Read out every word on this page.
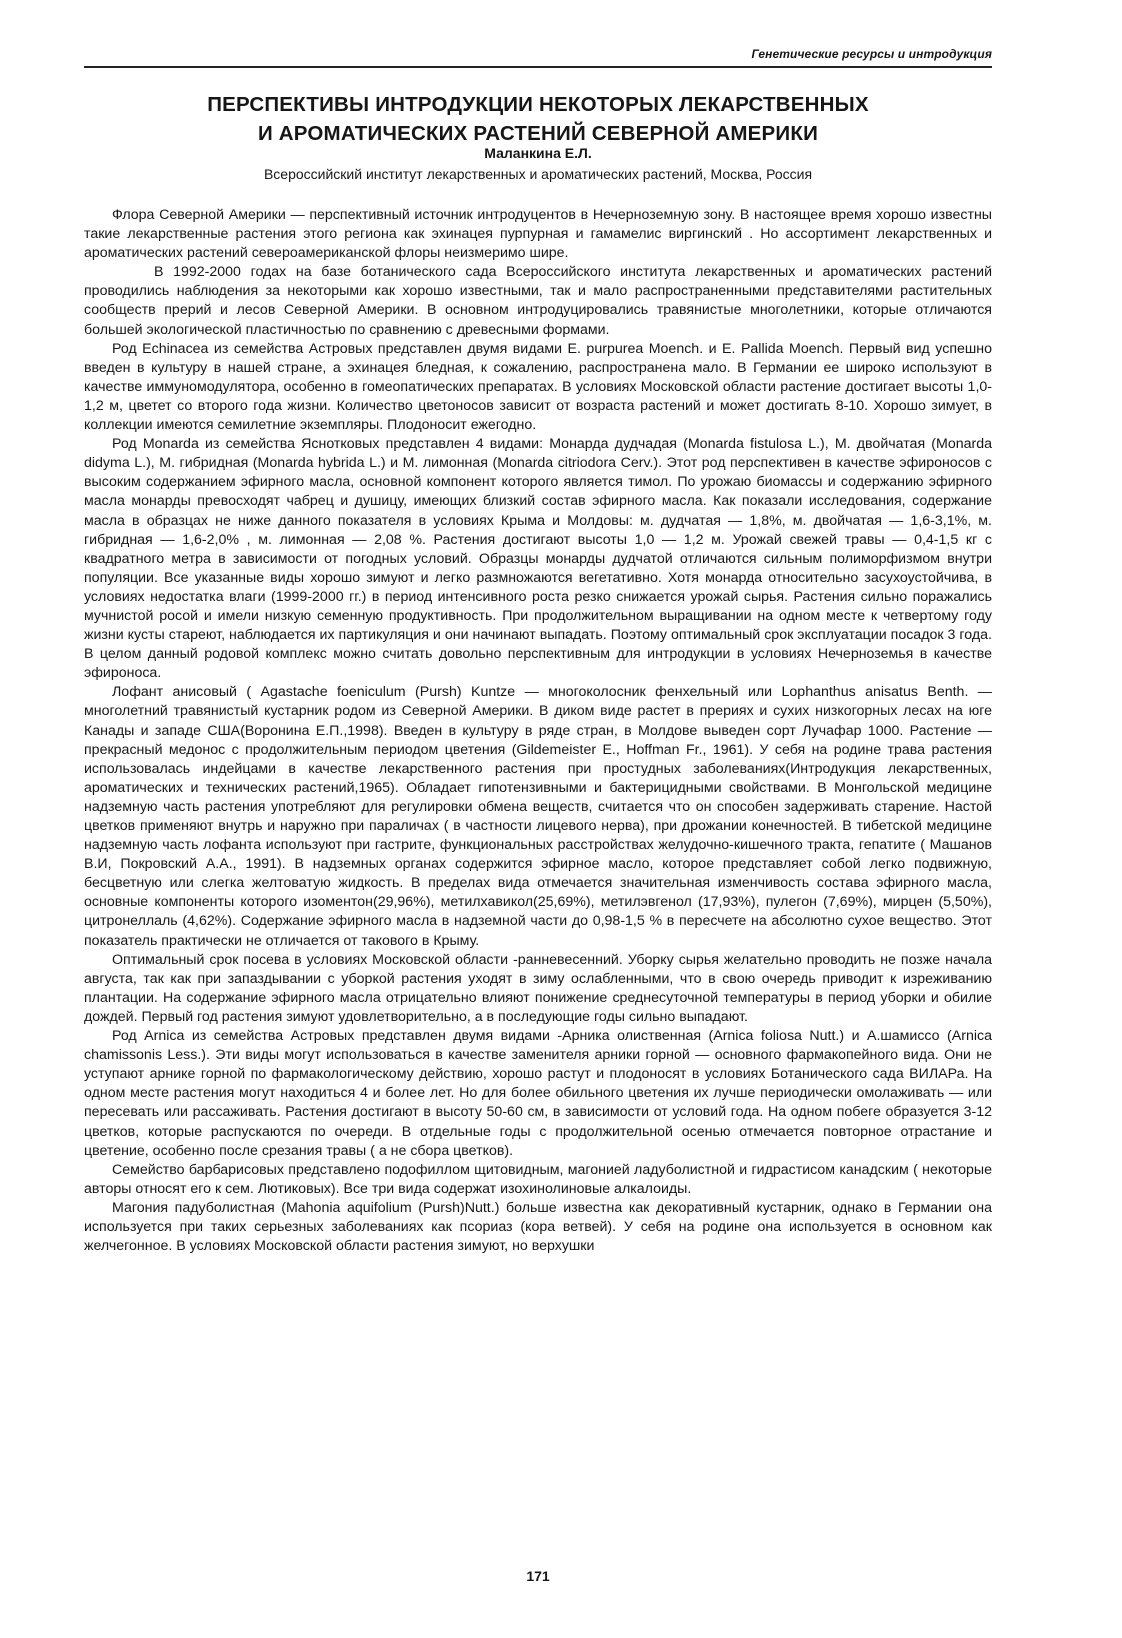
Генетические ресурсы и интродукция
ПЕРСПЕКТИВЫ ИНТРОДУКЦИИ НЕКОТОРЫХ ЛЕКАРСТВЕННЫХ
И АРОМАТИЧЕСКИХ РАСТЕНИЙ СЕВЕРНОЙ АМЕРИКИ
Маланкина Е.Л.
Всероссийский институт лекарственных и ароматических растений, Москва, Россия

Флора Северной Америки — перспективный источник интродуцентов в Нечерноземную зону. В настоящее время хорошо известны такие лекарственные растения этого региона как эхинацея пурпурная и гамамелис виргинский . Но ассортимент лекарственных и ароматических растений североамериканской флоры неизмеримо шире.

В 1992-2000 годах на базе ботанического сада Всероссийского института лекарственных и ароматических растений проводились наблюдения за некоторыми как хорошо известными, так и мало распространенными представителями растительных сообществ прерий и лесов Северной Америки. В основном интродуцировались травянистые многолетники, которые отличаются большей экологической пластичностью по сравнению с древесными формами.

Род Echinacea из семейства Астровых представлен двумя видами E. purpurea Moench. и E. Pallida Moench. Первый вид успешно введен в культуру в нашей стране, а эхинацея бледная, к сожалению, распространена мало. В Германии ее широко используют в качестве иммуномодулятора, особенно в гомеопатических препаратах. В условиях Московской области растение достигает высоты 1,0-1,2 м, цветет со второго года жизни. Количество цветоносов зависит от возраста растений и может достигать 8-10. Хорошо зимует, в коллекции имеются семилетние экземпляры. Плодоносит ежегодно.

Род Monarda из семейства Яснотковых представлен 4 видами: Монарда дудчадая (Monarda fistulosa L.), М. двойчатая (Monarda didyma L.), М. гибридная (Monarda hybrida L.) и М. лимонная (Monarda citriodora Cerv.). Этот род перспективен в качестве эфироносов с высоким содержанием эфирного масла, основной компонент которого является тимол. По урожаю биомассы и содержанию эфирного масла монарды превосходят чабрец и душицу, имеющих близкий состав эфирного масла. Как показали исследования, содержание масла в образцах не ниже данного показателя в условиях Крыма и Молдовы: м. дудчатая — 1,8%, м. двойчатая — 1,6-3,1%, м. гибридная — 1,6-2,0% , м. лимонная — 2,08 %. Растения достигают высоты 1,0 — 1,2 м. Урожай свежей травы — 0,4-1,5 кг с квадратного метра в зависимости от погодных условий. Образцы монарды дудчатой отличаются сильным полиморфизмом внутри популяции. Все указанные виды хорошо зимуют и легко размножаются вегетативно. Хотя монарда относительно засухоустойчива, в условиях недостатка влаги (1999-2000 гг.) в период интенсивного роста резко снижается урожай сырья. Растения сильно поражались мучнистой росой и имели низкую семенную продуктивность. При продолжительном выращивании на одном месте к четвертому году жизни кусты стареют, наблюдается их партикуляция и они начинают выпадать. Поэтому оптимальный срок эксплуатации посадок 3 года. В целом данный родовой комплекс можно считать довольно перспективным для интродукции в условиях Нечерноземья в качестве эфироноса.

Лофант анисовый ( Agastache foeniculum (Pursh) Kuntze — многоколосник фенхельный или Lophanthus anisatus Benth. — многолетний травянистый кустарник родом из Северной Америки. В диком виде растет в прериях и сухих низкогорных лесах на юге Канады и западе США(Воронина Е.П.,1998). Введен в культуру в ряде стран, в Молдове выведен сорт Лучафар 1000. Растение — прекрасный медонос с продолжительным периодом цветения (Gildemeister E., Hoffman Fr., 1961). У себя на родине трава растения использовалась индейцами в качестве лекарственного растения при простудных заболеваниях(Интродукция лекарственных, ароматических и технических растений,1965). Обладает гипотензивными и бактерицидными свойствами. В Монгольской медицине надземную часть растения употребляют для регулировки обмена веществ, считается что он способен задерживать старение. Настой цветков применяют внутрь и наружно при параличах ( в частности лицевого нерва), при дрожании конечностей. В тибетской медицине надземную часть лофанта используют при гастрите, функциональных расстройствах желудочно-кишечного тракта, гепатите ( Машанов В.И, Покровский А.А., 1991). В надземных органах содержится эфирное масло, которое представляет собой легко подвижную, бесцветную или слегка желтоватую жидкость. В пределах вида отмечается значительная изменчивость состава эфирного масла, основные компоненты которого изоментон(29,96%), метилхавикол(25,69%), метилэвгенол (17,93%), пулегон (7,69%), мирцен (5,50%), цитронеллаль (4,62%). Содержание эфирного масла в надземной части до 0,98-1,5 % в пересчете на абсолютно сухое вещество. Этот показатель практически не отличается от такового в Крыму.

Оптимальный срок посева в условиях Московской области -ранневесенний. Уборку сырья желательно проводить не позже начала августа, так как при запаздывании с уборкой растения уходят в зиму ослабленными, что в свою очередь приводит к изреживанию плантации. На содержание эфирного масла отрицательно влияют понижение среднесуточной температуры в период уборки и обилие дождей. Первый год растения зимуют удовлетворительно, а в последующие годы сильно выпадают.

Род Arnica из семейства Астровых представлен двумя видами -Арника олиственная (Arnica foliosa Nutt.) и А.шамиссо (Arnica chamissonis Less.). Эти виды могут использоваться в качестве заменителя арники горной — основного фармакопейного вида. Они не уступают арнике горной по фармакологическому действию, хорошо растут и плодоносят в условиях Ботанического сада ВИЛАРа. На одном месте растения могут находиться 4 и более лет. Но для более обильного цветения их лучше периодически омолаживать — или пересевать или рассаживать. Растения достигают в высоту 50-60 см, в зависимости от условий года. На одном побеге образуется 3-12 цветков, которые распускаются по очереди. В отдельные годы с продолжительной осенью отмечается повторное отрастание и цветение, особенно после срезания травы ( а не сбора цветков).

Семейство барбарисовых представлено подофиллом щитовидным, магонией ладуболистной и гидрастисом канадским ( некоторые авторы относят его к сем. Лютиковых). Все три вида содержат изохинолиновые алкалоиды.

Магония падуболистная (Mahonia aquifolium (Pursh)Nutt.) больше известна как декоративный кустарник, однако в Германии она используется при таких серьезных заболеваниях как псориаз (кора ветвей). У себя на родине она используется в основном как желчегонное. В условиях Московской области растения зимуют, но верхушки

171
